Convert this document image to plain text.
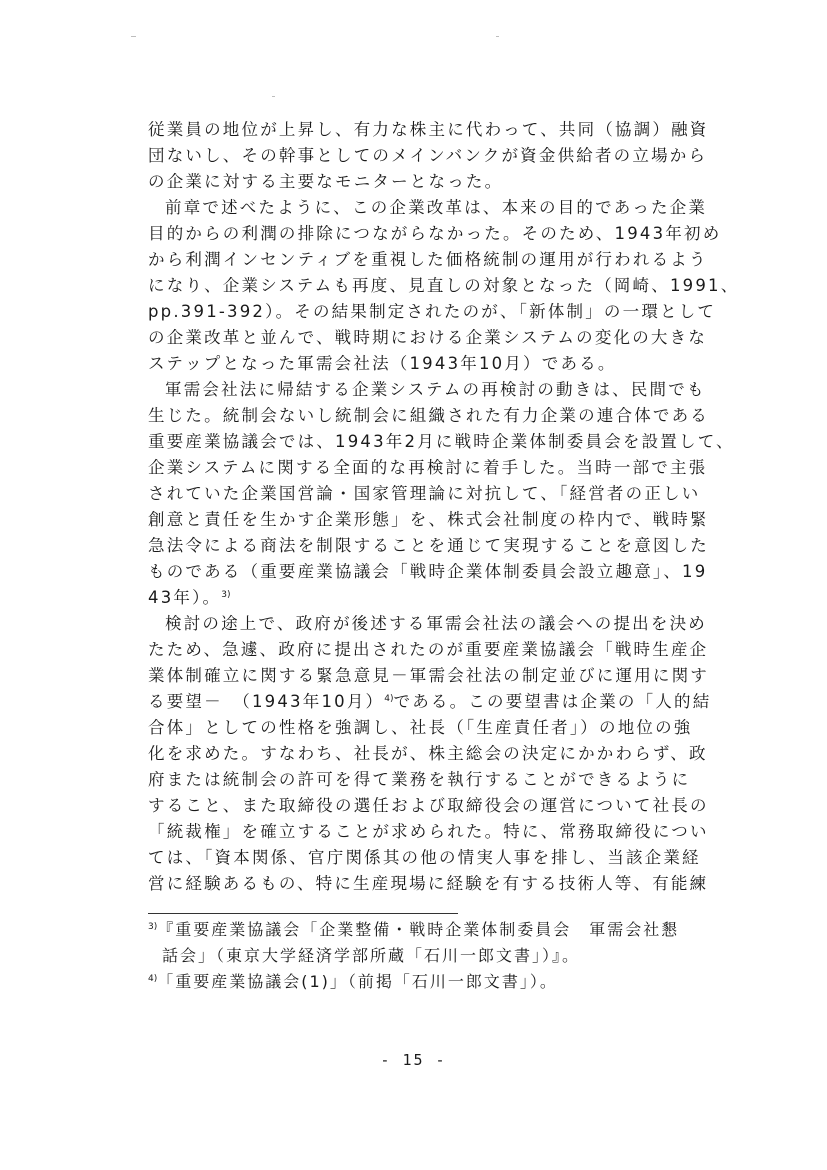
従業員の地位が上昇し、有力な株主に代わって、共同（協調）融資
団ないし、その幹事としてのメインバンクが資金供給者の立場から
の企業に対する主要なモニターとなった。
前章で述べたように、この企業改革は、本来の目的であった企業
目的からの利潤の排除につながらなかった。そのため、1943年初め
から利潤インセンティブを重視した価格統制の運用が行われるよう
になり、企業システムも再度、見直しの対象となった（岡崎、1991、
pp.391-392）。その結果制定されたのが、「新体制」の一環として
の企業改革と並んで、戦時期における企業システムの変化の大きな
ステップとなった軍需会社法（1943年10月）である。
軍需会社法に帰結する企業システムの再検討の動きは、民間でも
生じた。統制会ないし統制会に組織された有力企業の連合体である
重要産業協議会では、1943年2月に戦時企業体制委員会を設置して、
企業システムに関する全面的な再検討に着手した。当時一部で主張
されていた企業国営論・国家管理論に対抗して、「経営者の正しい
創意と責任を生かす企業形態」を、株式会社制度の枠内で、戦時緊
急法令による商法を制限することを通じて実現することを意図した
ものである（重要産業協議会「戦時企業体制委員会設立趣意」、19
43年）。$^{3)}$
検討の途上で、政府が後述する軍需会社法の議会への提出を決め
たため、急遽、政府に提出されたのが重要産業協議会「戦時生産企
業体制確立に関する緊急意見－軍需会社法の制定並びに運用に関す
る要望－　（1943年10月）$^{4)}$である。この要望書は企業の「人的結
合体」としての性格を強調し、社長（「生産責任者」）の地位の強
化を求めた。すなわち、社長が、株主総会の決定にかかわらず、政
府または統制会の許可を得て業務を執行することができるように
すること、また取締役の選任および取締役会の運営について社長の
「統裁権」を確立することが求められた。特に、常務取締役につい
ては、「資本関係、官庁関係其の他の情実人事を排し、当該企業経
営に経験あるもの、特に生産現場に経験を有する技術人等、有能練
$^{3)}$『重要産業協議会「企業整備・戦時企業体制委員会　軍需会社懇
話会」（東京大学経済学部所蔵「石川一郎文書」）』。
$^{4)}$「重要産業協議会(1)」（前掲「石川一郎文書」）。
- 15 -
